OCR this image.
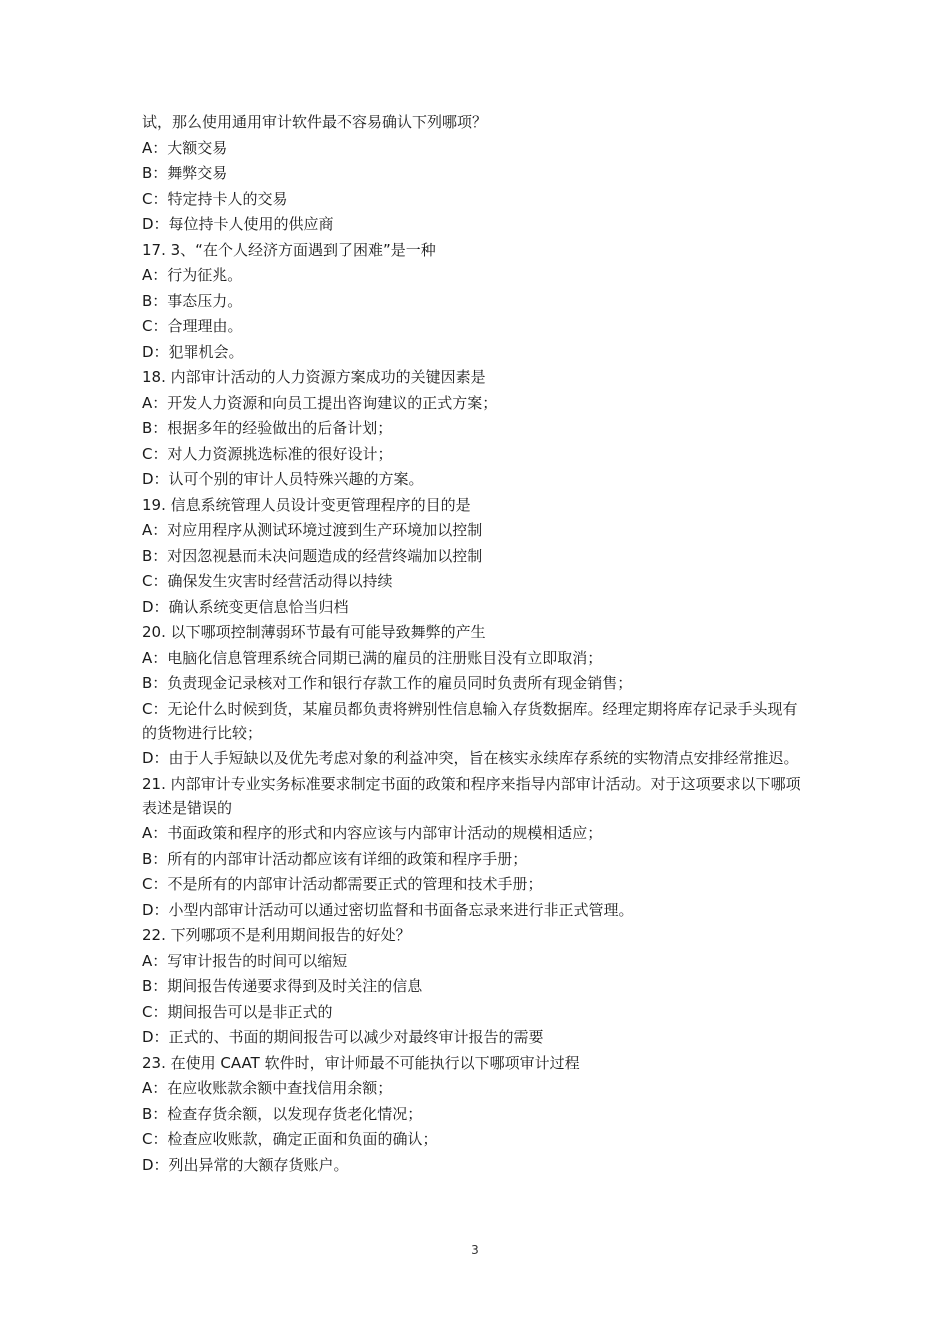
试，那么使用通用审计软件最不容易确认下列哪项？
A：大额交易
B：舞弊交易
C：特定持卡人的交易
D：每位持卡人使用的供应商
17. 3、“在个人经济方面遇到了困难”是一种
A：行为征兆。
B：事态压力。
C：合理理由。
D：犯罪机会。
18. 内部审计活动的人力资源方案成功的关键因素是
A：开发人力资源和向员工提出咨询建议的正式方案；
B：根据多年的经验做出的后备计划；
C：对人力资源挑选标准的很好设计；
D：认可个别的审计人员特殊兴趣的方案。
19. 信息系统管理人员设计变更管理程序的目的是
A：对应用程序从测试环境过渡到生产环境加以控制
B：对因忽视悬而未决问题造成的经营终端加以控制
C：确保发生灾害时经营活动得以持续
D：确认系统变更信息恰当归档
20. 以下哪项控制薄弱环节最有可能导致舞弊的产生
A：电脑化信息管理系统合同期已满的雇员的注册账目没有立即取消；
B：负责现金记录核对工作和银行存款工作的雇员同时负责所有现金销售；
C：无论什么时候到货，某雇员都负责将辨别性信息输入存货数据库。经理定期将库存记录手头现有的货物进行比较；
D：由于人手短缺以及优先考虑对象的利益冲突，旨在核实永续库存系统的实物清点安排经常推迟。
21. 内部审计专业实务标准要求制定书面的政策和程序来指导内部审计活动。对于这项要求以下哪项表述是错误的
A：书面政策和程序的形式和内容应该与内部审计活动的规模相适应；
B：所有的内部审计活动都应该有详细的政策和程序手册；
C：不是所有的内部审计活动都需要正式的管理和技术手册；
D：小型内部审计活动可以通过密切监督和书面备忘录来进行非正式管理。
22. 下列哪项不是利用期间报告的好处？
A：写审计报告的时间可以缩短
B：期间报告传递要求得到及时关注的信息
C：期间报告可以是非正式的
D：正式的、书面的期间报告可以减少对最终审计报告的需要
23. 在使用 CAAT 软件时，审计师最不可能执行以下哪项审计过程
A：在应收账款余额中查找信用余额；
B：检查存货余额，以发现存货老化情况；
C：检查应收账款，确定正面和负面的确认；
D：列出异常的大额存货账户。
3
